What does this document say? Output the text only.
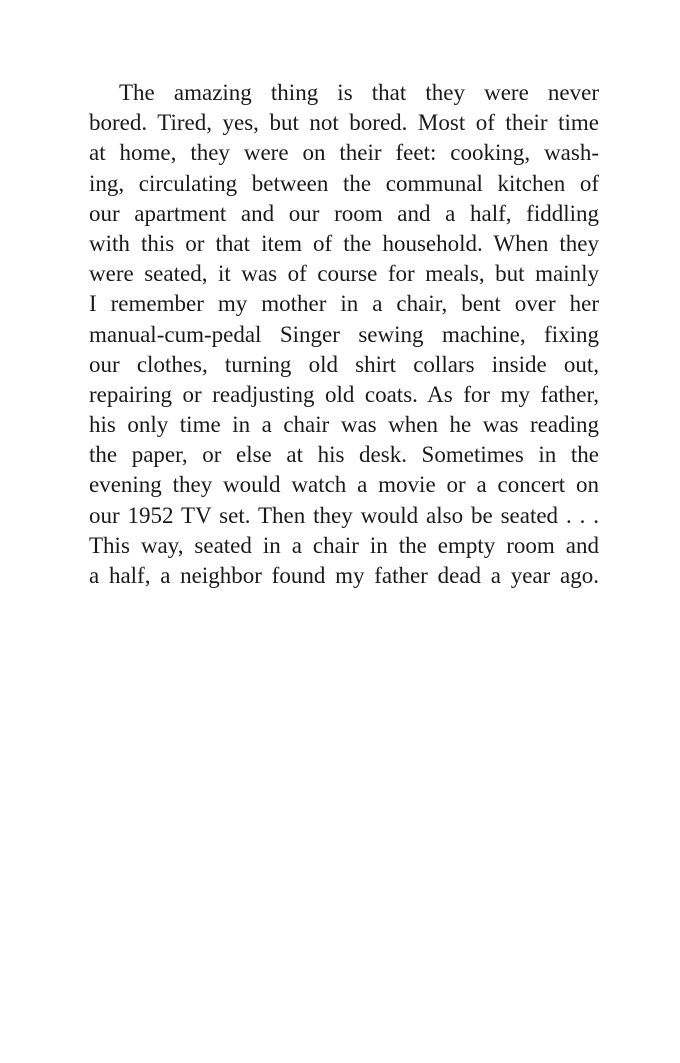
The amazing thing is that they were never
bored. Tired, yes, but not bored. Most of their time
at home, they were on their feet: cooking, wash-
ing, circulating between the communal kitchen of
our apartment and our room and a half, fiddling
with this or that item of the household. When they
were seated, it was of course for meals, but mainly
I remember my mother in a chair, bent over her
manual-cum-pedal Singer sewing machine, fixing
our clothes, turning old shirt collars inside out,
repairing or readjusting old coats. As for my father,
his only time in a chair was when he was reading
the paper, or else at his desk. Sometimes in the
evening they would watch a movie or a concert on
our 1952 TV set. Then they would also be seated . . .
This way, seated in a chair in the empty room and
a half, a neighbor found my father dead a year ago.
